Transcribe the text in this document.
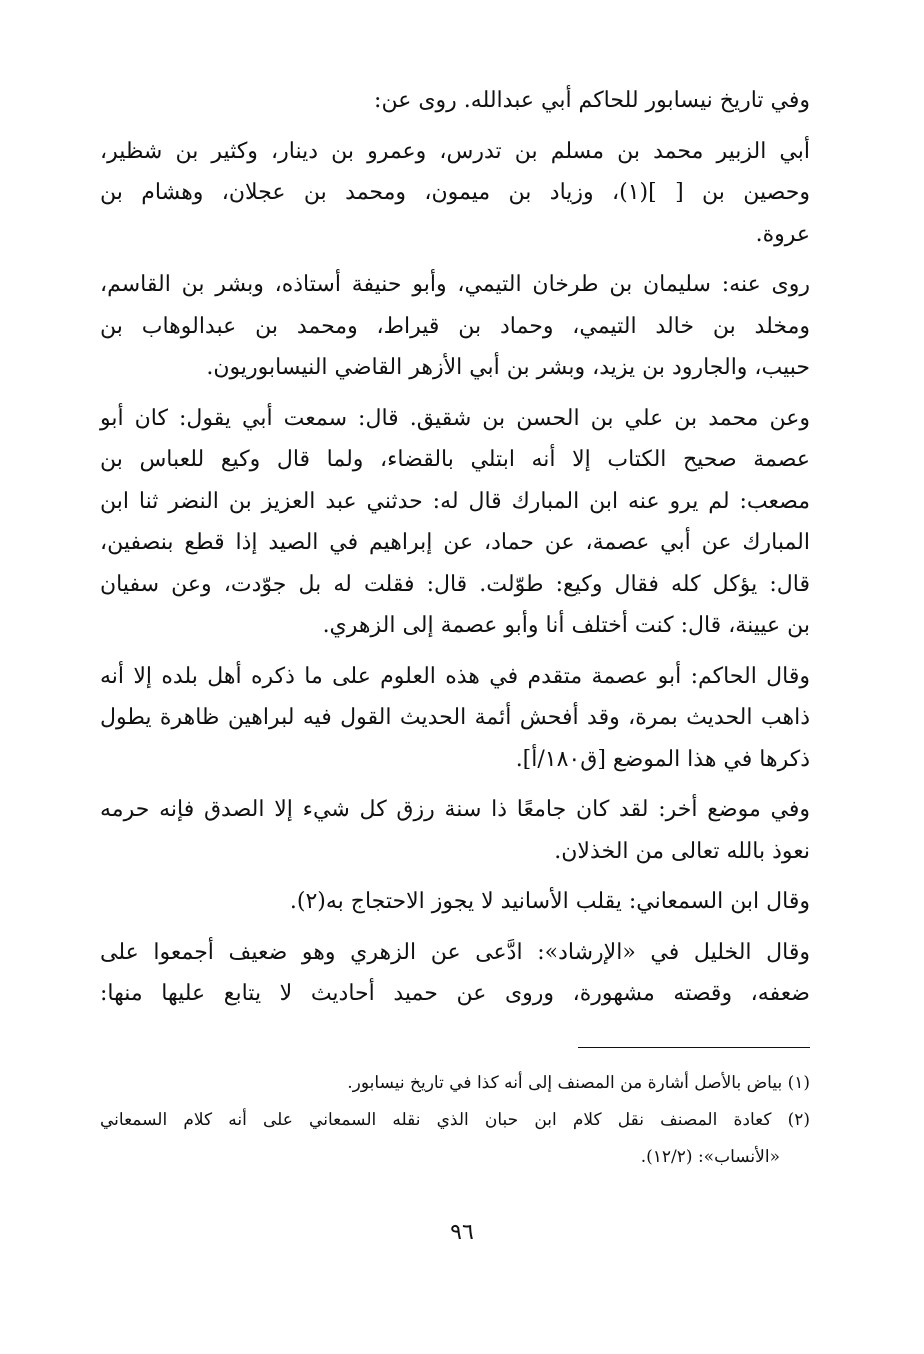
وفي تاريخ نيسابور للحاكم أبي عبدالله. روى عن:
أبي الزبير محمد بن مسلم بن تدرس، وعمرو بن دينار، وكثير بن شظير،
وحصين بن [ ](١)، وزياد بن ميمون، ومحمد بن عجلان، وهشام بن
عروة.
روى عنه: سليمان بن طرخان التيمي، وأبو حنيفة أستاذه، وبشر بن القاسم،
ومخلد بن خالد التيمي، وحماد بن قيراط، ومحمد بن عبدالوهاب بن
حبيب، والجارود بن يزيد، وبشر بن أبي الأزهر القاضي النيسابوريون.
وعن محمد بن علي بن الحسن بن شقيق. قال: سمعت أبي يقول: كان أبو
عصمة صحيح الكتاب إلا أنه ابتلي بالقضاء، ولما قال وكيع للعباس بن
مصعب: لم يرو عنه ابن المبارك قال له: حدثني عبد العزيز بن النضر ثنا ابن
المبارك عن أبي عصمة، عن حماد، عن إبراهيم في الصيد إذا قطع بنصفين،
قال: يؤكل كله فقال وكيع: طوّلت. قال: فقلت له بل جوّدت، وعن سفيان
بن عيينة، قال: كنت أختلف أنا وأبو عصمة إلى الزهري.
وقال الحاكم: أبو عصمة متقدم في هذه العلوم على ما ذكره أهل بلده إلا أنه
ذاهب الحديث بمرة، وقد أفحش أئمة الحديث القول فيه لبراهين ظاهرة يطول
ذكرها في هذا الموضع [ق١٨٠/أ].
وفي موضع أخر: لقد كان جامعًا ذا سنة رزق كل شيء إلا الصدق فإنه حرمه
نعوذ بالله تعالى من الخذلان.
وقال ابن السمعاني: يقلب الأسانيد لا يجوز الاحتجاج به(٢).
وقال الخليل في «الإرشاد»: ادَّعى عن الزهري وهو ضعيف أجمعوا على
ضعفه، وقصته مشهورة، وروى عن حميد أحاديث لا يتابع عليها منها:
(١) بياض بالأصل أشارة من المصنف إلى أنه كذا في تاريخ نيسابور.
(٢) كعادة المصنف نقل كلام ابن حبان الذي نقله السمعاني على أنه كلام السمعاني
«الأنساب»: (١٢/٢).
٩٦
